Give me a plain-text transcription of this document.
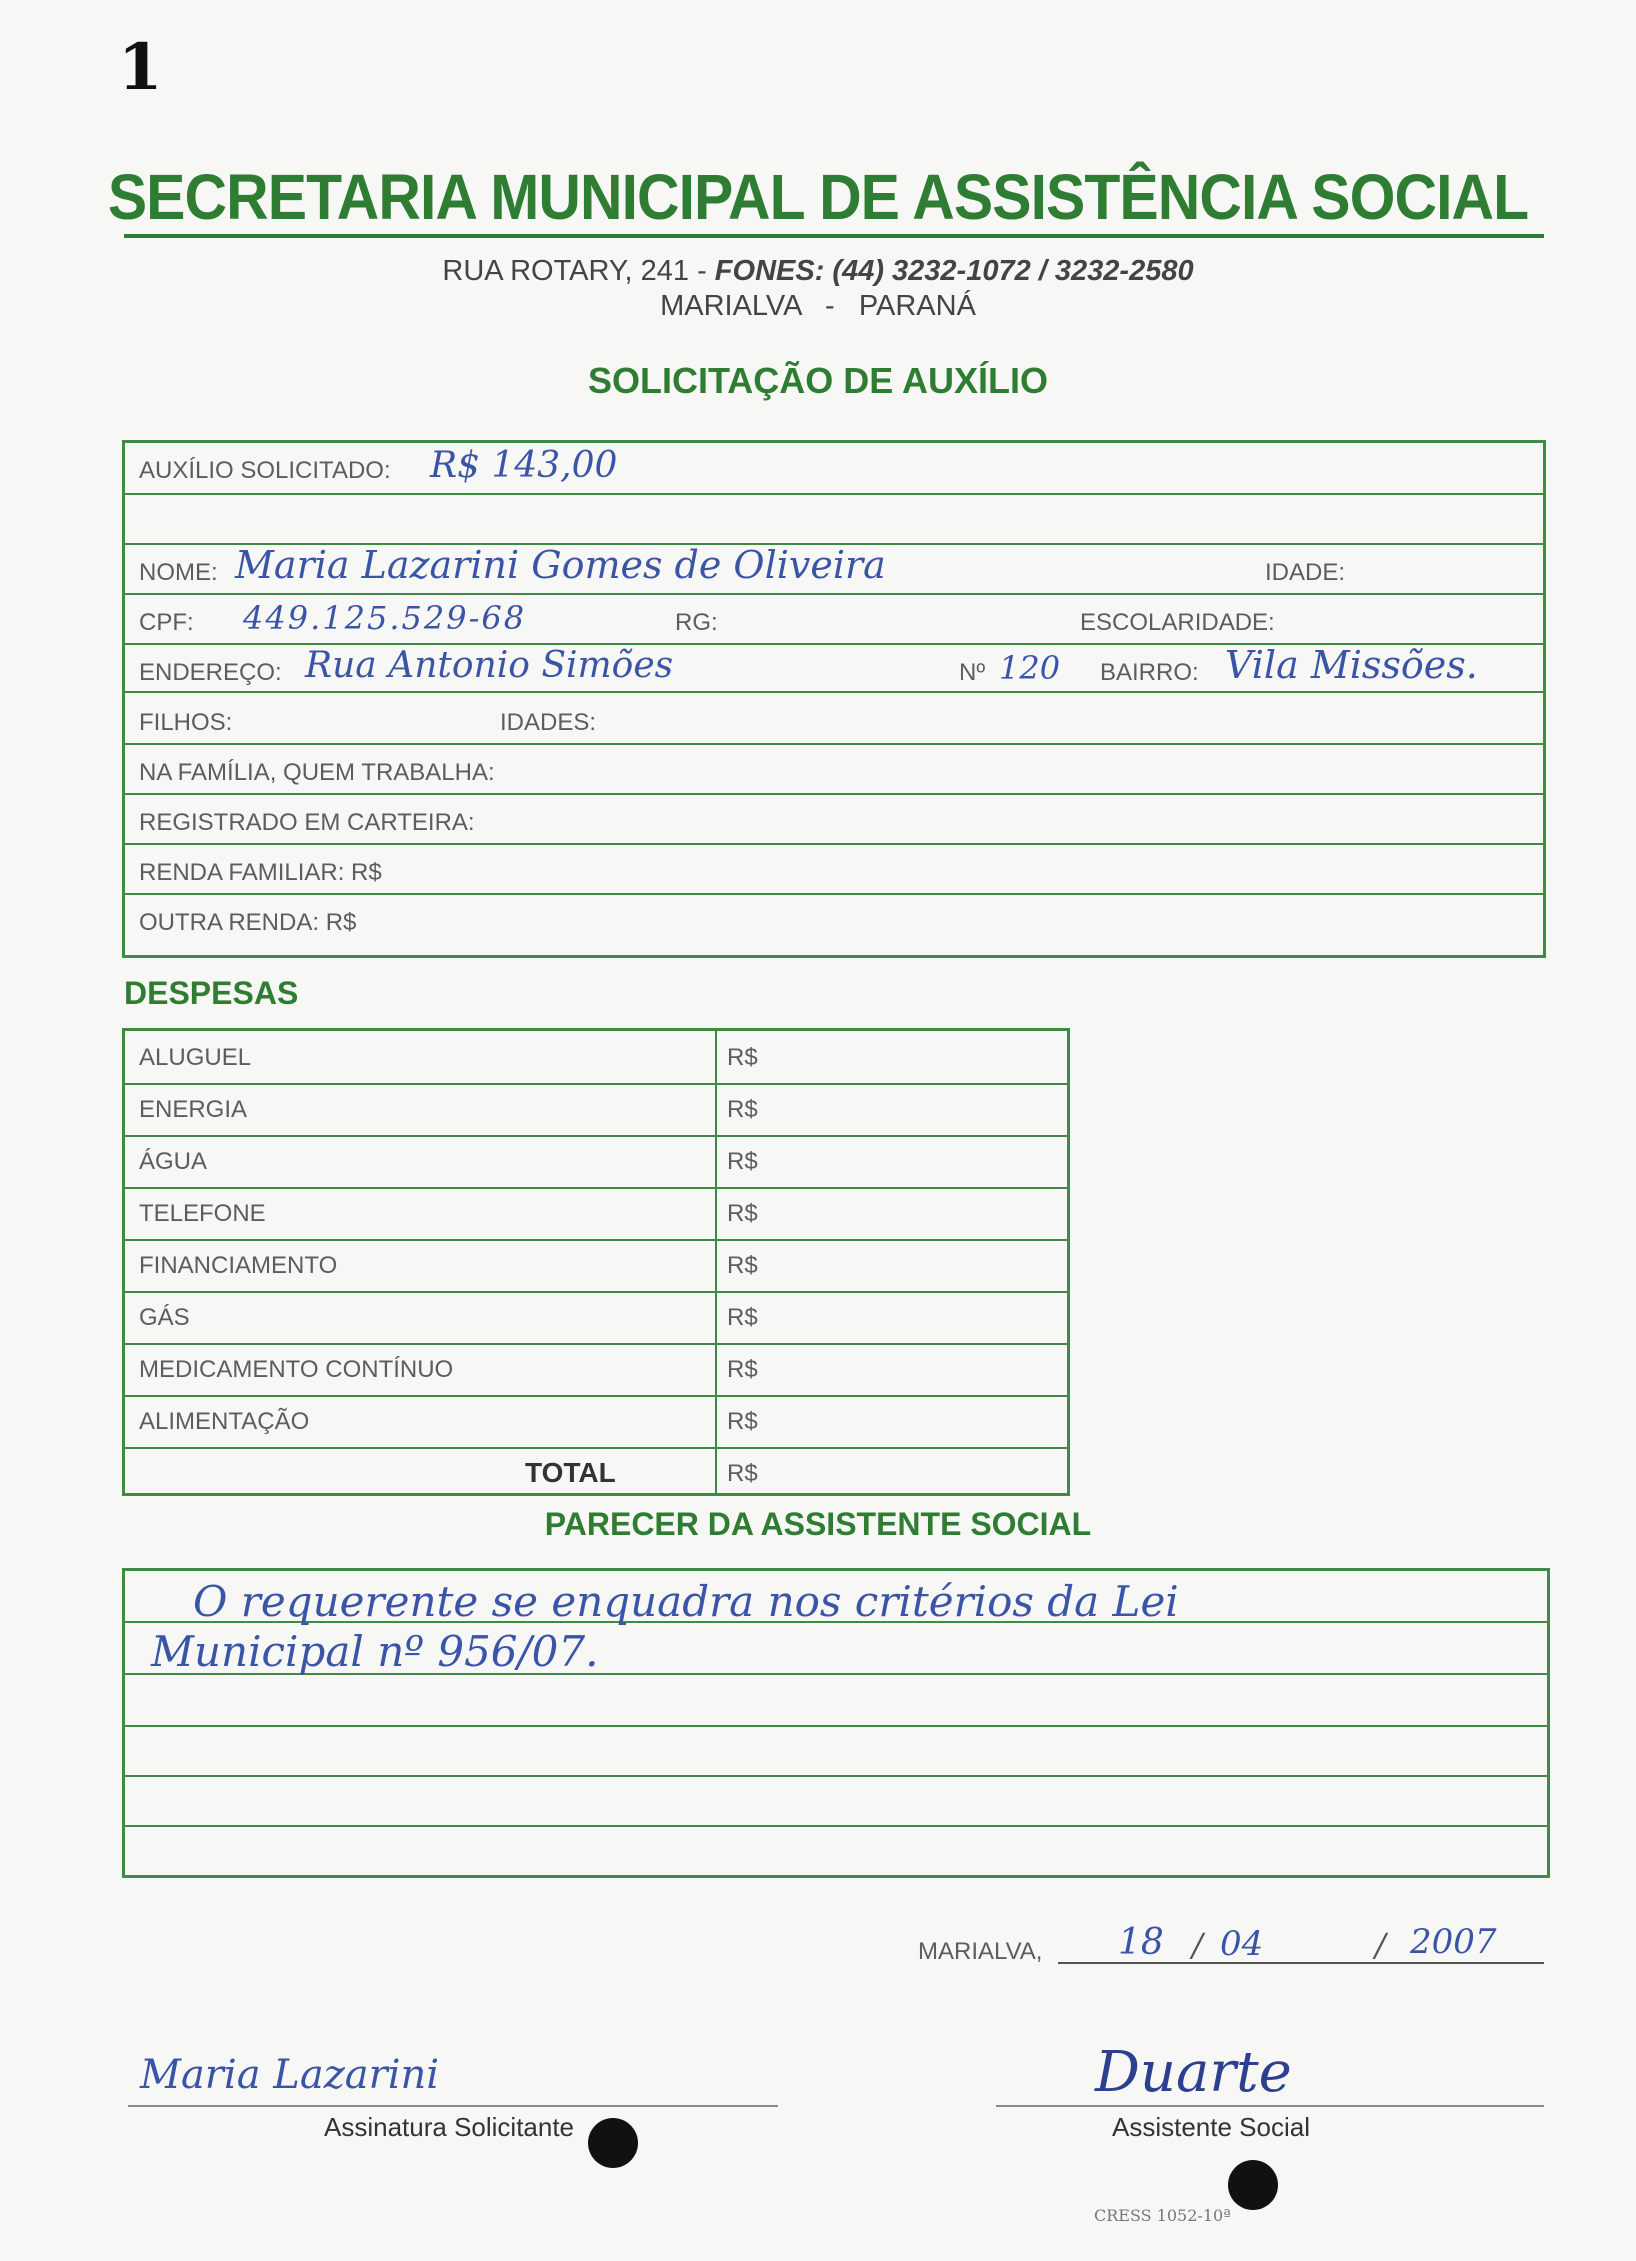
1
SECRETARIA MUNICIPAL DE ASSISTÊNCIA SOCIAL
RUA ROTARY, 241 - FONES: (44) 3232-1072 / 3232-2580
MARIALVA   -   PARANÁ
SOLICITAÇÃO DE AUXÍLIO
AUXÍLIO SOLICITADO: R$ 143,00
NOME: Maria Lazarini Gomes de Oliveira	IDADE:
CPF: 449.125.529-68	RG:	ESCOLARIDADE:
ENDEREÇO: Rua Antonio Simões	Nº 120 BAIRRO: Vila Missões.
FILHOS:	IDADES:
NA FAMÍLIA, QUEM TRABALHA:
REGISTRADO EM CARTEIRA:
RENDA FAMILIAR: R$
OUTRA RENDA: R$
DESPESAS
ALUGUEL	R$
ENERGIA	R$
ÁGUA	R$
TELEFONE	R$
FINANCIAMENTO	R$
GÁS	R$
MEDICAMENTO CONTÍNUO	R$
ALIMENTAÇÃO	R$
TOTAL	R$
PARECER DA ASSISTENTE SOCIAL
O requerente se enquadra nos critérios da Lei
Municipal nº 956/07.
MARIALVA, 18 / 04	/ 2007
Maria Lazarini
Assinatura Solicitante
Duarte
Assistente Social
CRESS 1052-10ª
